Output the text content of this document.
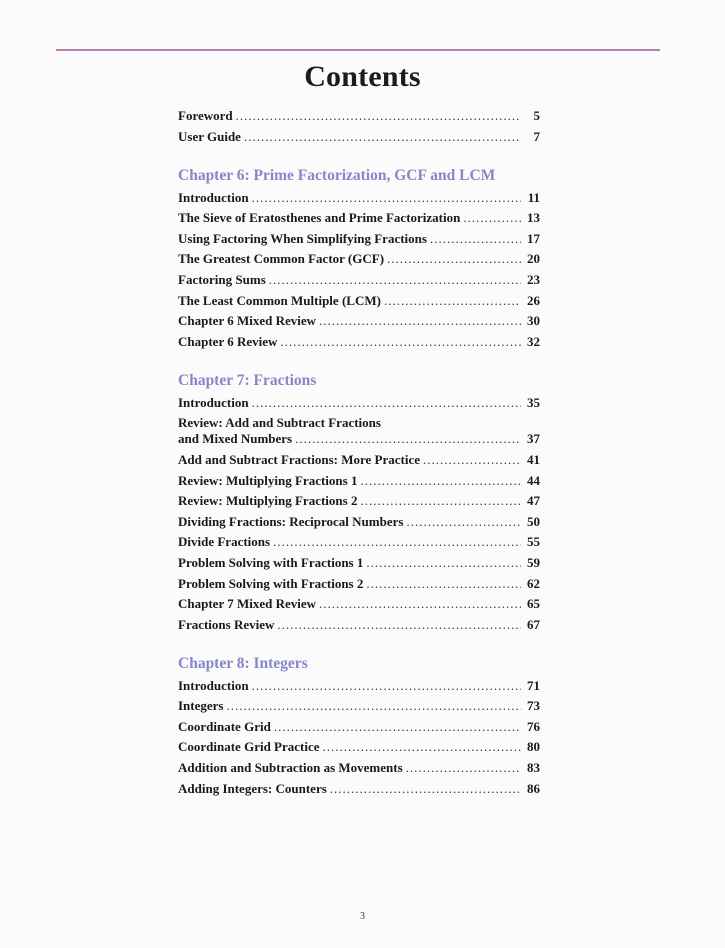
Contents
Foreword .....	5
User Guide .....	7
Chapter 6: Prime Factorization, GCF and LCM
Introduction .....	11
The Sieve of Eratosthenes and Prime Factorization .....	13
Using Factoring When Simplifying Fractions .....	17
The Greatest Common Factor (GCF) .....	20
Factoring Sums .....	23
The Least Common Multiple (LCM) .....	26
Chapter 6 Mixed Review .....	30
Chapter 6 Review .....	32
Chapter 7: Fractions
Introduction .....	35
Review: Add and Subtract Fractions
and Mixed Numbers .....	37
Add and Subtract Fractions: More Practice .....	41
Review: Multiplying Fractions 1 .....	44
Review: Multiplying Fractions 2 .....	47
Dividing Fractions: Reciprocal Numbers .....	50
Divide Fractions .....	55
Problem Solving with Fractions 1 .....	59
Problem Solving with Fractions 2 .....	62
Chapter 7 Mixed Review .....	65
Fractions Review .....	67
Chapter 8: Integers
Introduction .....	71
Integers .....	73
Coordinate Grid .....	76
Coordinate Grid Practice .....	80
Addition and Subtraction as Movements .....	83
Adding Integers: Counters .....	86
3
